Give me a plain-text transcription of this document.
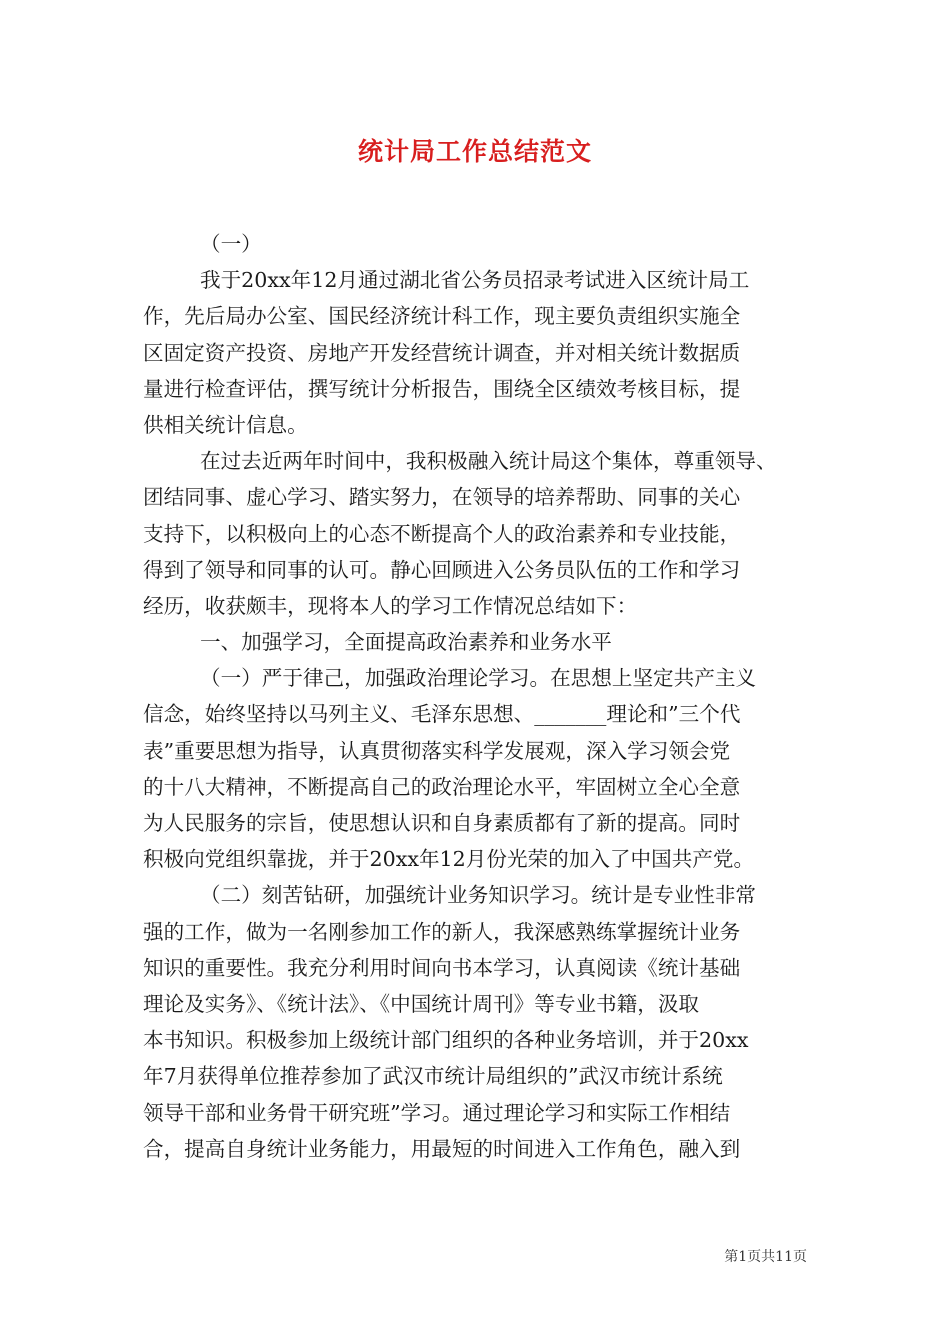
统计局工作总结范文
（一）
我于20xx年12月通过湖北省公务员招录考试进入区统计局工
作，先后局办公室、国民经济统计科工作，现主要负责组织实施全
区固定资产投资、房地产开发经营统计调查，并对相关统计数据质
量进行检查评估，撰写统计分析报告，围绕全区绩效考核目标，提
供相关统计信息。
在过去近两年时间中，我积极融入统计局这个集体，尊重领导、
团结同事、虚心学习、踏实努力，在领导的培养帮助、同事的关心
支持下，以积极向上的心态不断提高个人的政治素养和专业技能，
得到了领导和同事的认可。静心回顾进入公务员队伍的工作和学习
经历，收获颇丰，现将本人的学习工作情况总结如下：
一、加强学习，全面提高政治素养和业务水平
（一）严于律己，加强政治理论学习。在思想上坚定共产主义
信念，始终坚持以马列主义、毛泽东思想、_______理论和”三个代
表”重要思想为指导，认真贯彻落实科学发展观，深入学习领会党
的十八大精神，不断提高自己的政治理论水平，牢固树立全心全意
为人民服务的宗旨，使思想认识和自身素质都有了新的提高。同时
积极向党组织靠拢，并于20xx年12月份光荣的加入了中国共产党。
（二）刻苦钻研，加强统计业务知识学习。统计是专业性非常
强的工作，做为一名刚参加工作的新人，我深感熟练掌握统计业务
知识的重要性。我充分利用时间向书本学习，认真阅读《统计基础
理论及实务》、《统计法》、《中国统计周刊》等专业书籍，汲取
本书知识。积极参加上级统计部门组织的各种业务培训，并于20xx
年7月获得单位推荐参加了武汉市统计局组织的”武汉市统计系统
领导干部和业务骨干研究班”学习。通过理论学习和实际工作相结
合，提高自身统计业务能力，用最短的时间进入工作角色，融入到
第1页共11页
